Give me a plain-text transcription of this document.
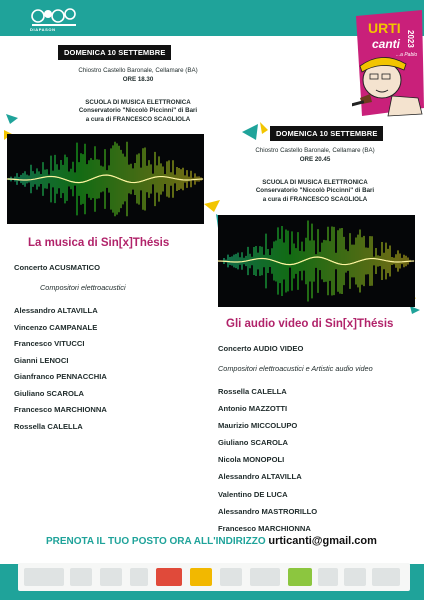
DIAPASON	URTI
canti
...a Pablo
2023
DOMENICA 10 SETTEMBRE
Chiostro Castello Baronale, Cellamare (BA)
ORE 18.30
SCUOLA DI MUSICA ELETTRONICA
Conservatorio "Niccolò Piccinni" di Bari
a cura di FRANCESCO SCAGLIOLA
La musica di Sin[x]Thésis
Concerto ACUSMATICO
Compositori elettroacustici
Alessandro ALTAVILLA
Vincenzo CAMPANALE
Francesco VITUCCI
Gianni LENOCI
Gianfranco PENNACCHIA
Giuliano SCAROLA
Francesco MARCHIONNA
Rossella CALELLA
DOMENICA 10 SETTEMBRE
Chiostro Castello Baronale, Cellamare (BA)
ORE 20.45
SCUOLA DI MUSICA ELETTRONICA
Conservatorio "Niccolò Piccinni" di Bari
a cura di FRANCESCO SCAGLIOLA
Gli audio video di Sin[x]Thésis
Concerto AUDIO VIDEO
Compositori elettroacustici e Artistic audio video
Rossella CALELLA
Antonio MAZZOTTI
Maurizio MICCOLUPO
Giuliano SCAROLA
Nicola MONOPOLI
Alessandro ALTAVILLA
Valentino DE LUCA
Alessandro MASTRORILLO
Francesco MARCHIONNA
PRENOTA IL TUO POSTO ORA ALL'INDIRIZZO urticanti@gmail.com
